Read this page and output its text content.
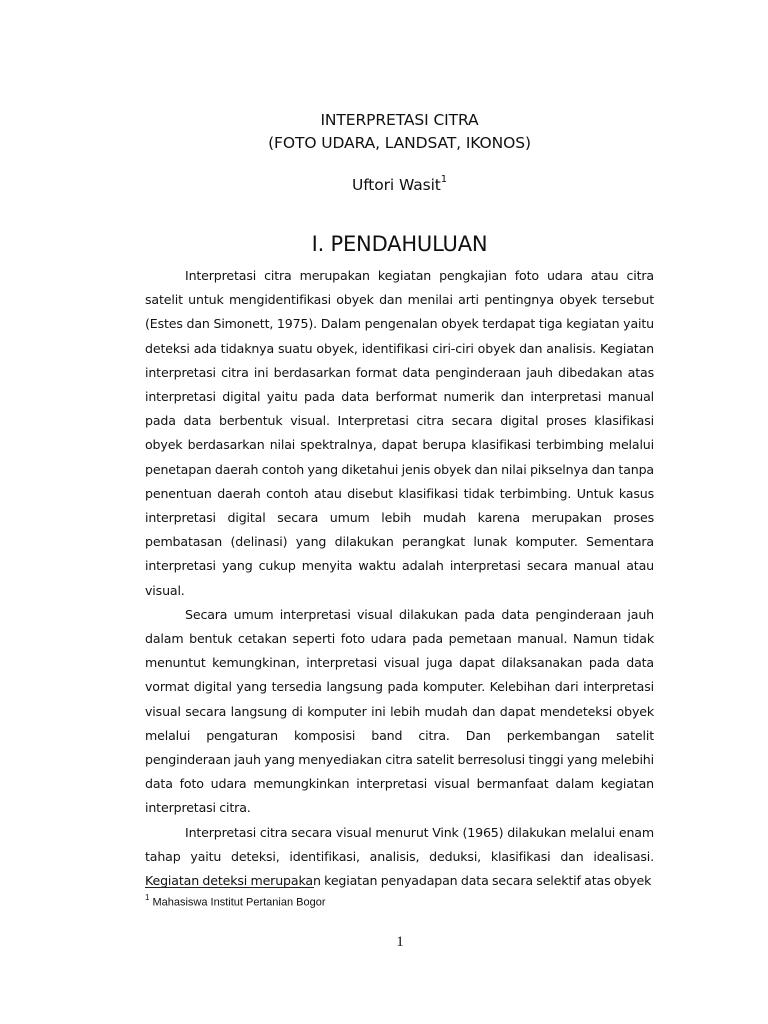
INTERPRETASI CITRA
(FOTO UDARA, LANDSAT, IKONOS)
Uftori Wasit$^1$
I. PENDAHULUAN

Interpretasi citra merupakan kegiatan pengkajian foto udara atau citra satelit untuk mengidentifikasi obyek dan menilai arti pentingnya obyek tersebut (Estes dan Simonett, 1975). Dalam pengenalan obyek terdapat tiga kegiatan yaitu deteksi ada tidaknya suatu obyek, identifikasi ciri-ciri obyek dan analisis. Kegiatan interpretasi citra ini berdasarkan format data penginderaan jauh dibedakan atas interpretasi digital yaitu pada data berformat numerik dan interpretasi manual pada data berbentuk visual. Interpretasi citra secara digital proses klasifikasi obyek berdasarkan nilai spektralnya, dapat berupa klasifikasi terbimbing melalui penetapan daerah contoh yang diketahui jenis obyek dan nilai pikselnya dan tanpa penentuan daerah contoh atau disebut klasifikasi tidak terbimbing. Untuk kasus interpretasi digital secara umum lebih mudah karena merupakan proses pembatasan (delinasi) yang dilakukan perangkat lunak komputer. Sementara interpretasi yang cukup menyita waktu adalah interpretasi secara manual atau visual.

Secara umum interpretasi visual dilakukan pada data penginderaan jauh dalam bentuk cetakan seperti foto udara pada pemetaan manual. Namun tidak menuntut kemungkinan, interpretasi visual juga dapat dilaksanakan pada data vormat digital yang tersedia langsung pada komputer. Kelebihan dari interpretasi visual secara langsung di komputer ini lebih mudah dan dapat mendeteksi obyek melalui pengaturan komposisi band citra. Dan perkembangan satelit penginderaan jauh yang menyediakan citra satelit berresolusi tinggi yang melebihi data foto udara memungkinkan interpretasi visual bermanfaat dalam kegiatan interpretasi citra.

Interpretasi citra secara visual menurut Vink (1965) dilakukan melalui enam tahap yaitu deteksi, identifikasi, analisis, deduksi, klasifikasi dan idealisasi. Kegiatan deteksi merupakan kegiatan penyadapan data secara selektif atas obyek

$^1$ Mahasiswa Institut Pertanian Bogor
1
